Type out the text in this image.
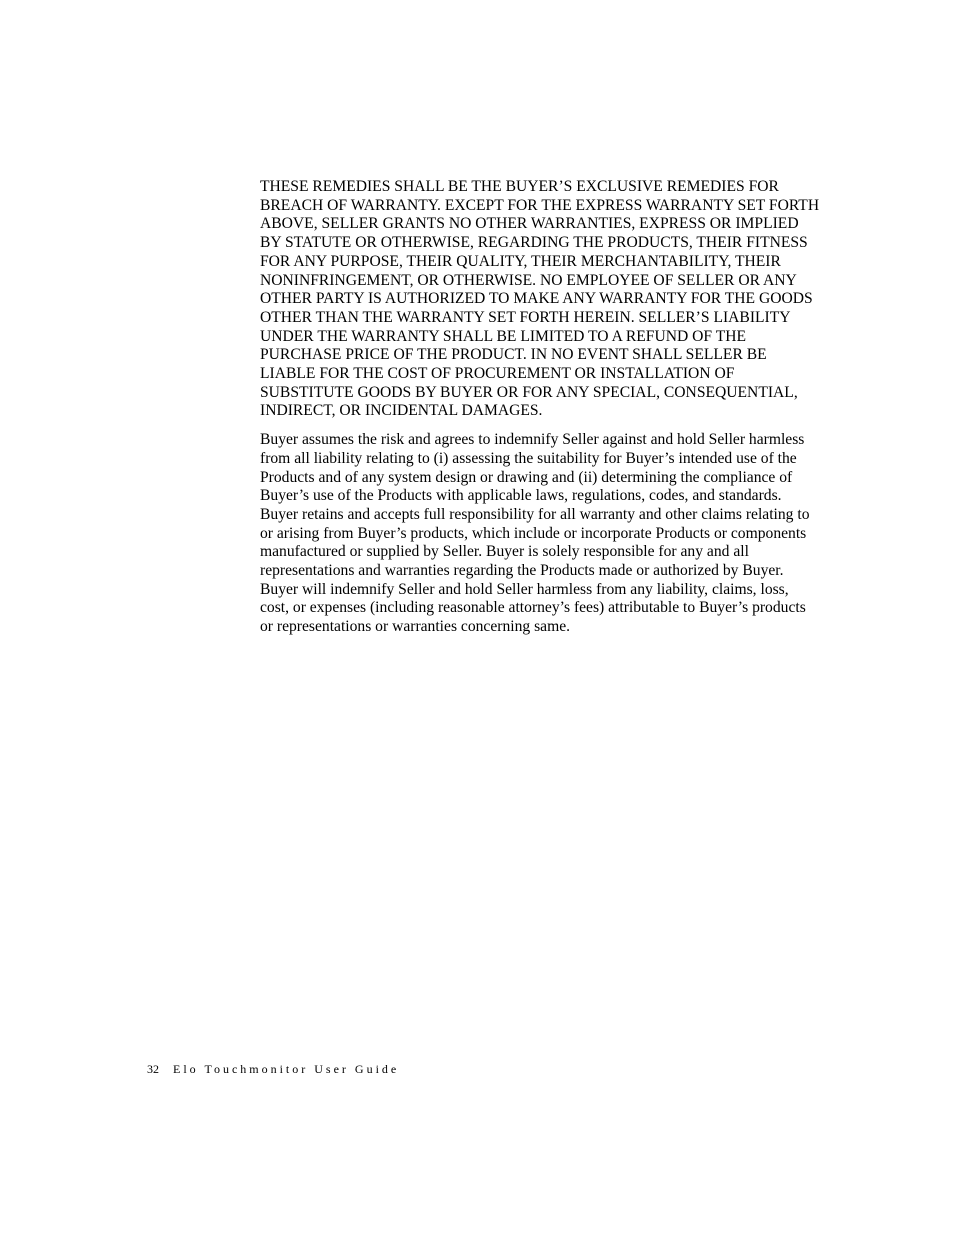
THESE REMEDIES SHALL BE THE BUYER’S EXCLUSIVE REMEDIES FOR BREACH OF WARRANTY. EXCEPT FOR THE EXPRESS WARRANTY SET FORTH ABOVE, SELLER GRANTS NO OTHER WARRANTIES, EXPRESS OR IMPLIED BY STATUTE OR OTHERWISE, REGARDING THE PRODUCTS, THEIR FITNESS FOR ANY PURPOSE, THEIR QUALITY, THEIR MERCHANTABILITY, THEIR NONINFRINGEMENT, OR OTHERWISE. NO EMPLOYEE OF SELLER OR ANY OTHER PARTY IS AUTHORIZED TO MAKE ANY WARRANTY FOR THE GOODS OTHER THAN THE WARRANTY SET FORTH HEREIN. SELLER’S LIABILITY UNDER THE WARRANTY SHALL BE LIMITED TO A REFUND OF THE PURCHASE PRICE OF THE PRODUCT. IN NO EVENT SHALL SELLER BE LIABLE FOR THE COST OF PROCUREMENT OR INSTALLATION OF SUBSTITUTE GOODS BY BUYER OR FOR ANY SPECIAL, CONSEQUENTIAL, INDIRECT, OR INCIDENTAL DAMAGES.

Buyer assumes the risk and agrees to indemnify Seller against and hold Seller harmless from all liability relating to (i) assessing the suitability for Buyer’s intended use of the Products and of any system design or drawing and (ii) determining the compliance of Buyer’s use of the Products with applicable laws, regulations, codes, and standards. Buyer retains and accepts full responsibility for all warranty and other claims relating to or arising from Buyer’s products, which include or incorporate Products or components manufactured or supplied by Seller. Buyer is solely responsible for any and all representations and warranties regarding the Products made or authorized by Buyer. Buyer will indemnify Seller and hold Seller harmless from any liability, claims, loss, cost, or expenses (including reasonable attorney’s fees) attributable to Buyer’s products or representations or warranties concerning same.

32 Elo Touchmonitor User Guide
